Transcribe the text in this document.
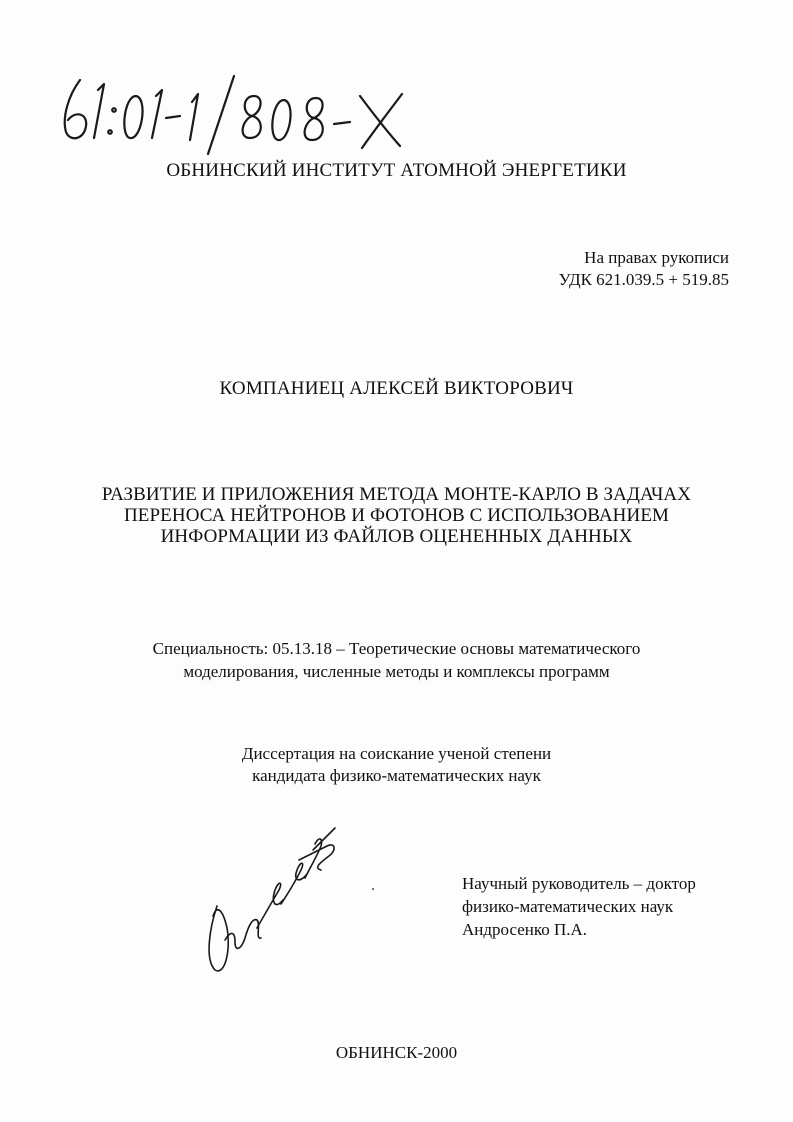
ОБНИНСКИЙ ИНСТИТУТ АТОМНОЙ ЭНЕРГЕТИКИ
На правах рукописи
УДК 621.039.5 + 519.85
КОМПАНИЕЦ АЛЕКСЕЙ ВИКТОРОВИЧ
РАЗВИТИЕ И ПРИЛОЖЕНИЯ МЕТОДА МОНТЕ-КАРЛО В ЗАДАЧАХ
ПЕРЕНОСА НЕЙТРОНОВ И ФОТОНОВ С ИСПОЛЬЗОВАНИЕМ
ИНФОРМАЦИИ ИЗ ФАЙЛОВ ОЦЕНЕННЫХ ДАННЫХ
Специальность: 05.13.18 – Теоретические основы математического
моделирования, численные методы и комплексы программ
Диссертация на соискание ученой степени
кандидата физико-математических наук
Научный руководитель – доктор
физико-математических наук
Андросенко П.А.
ОБНИНСК-2000
